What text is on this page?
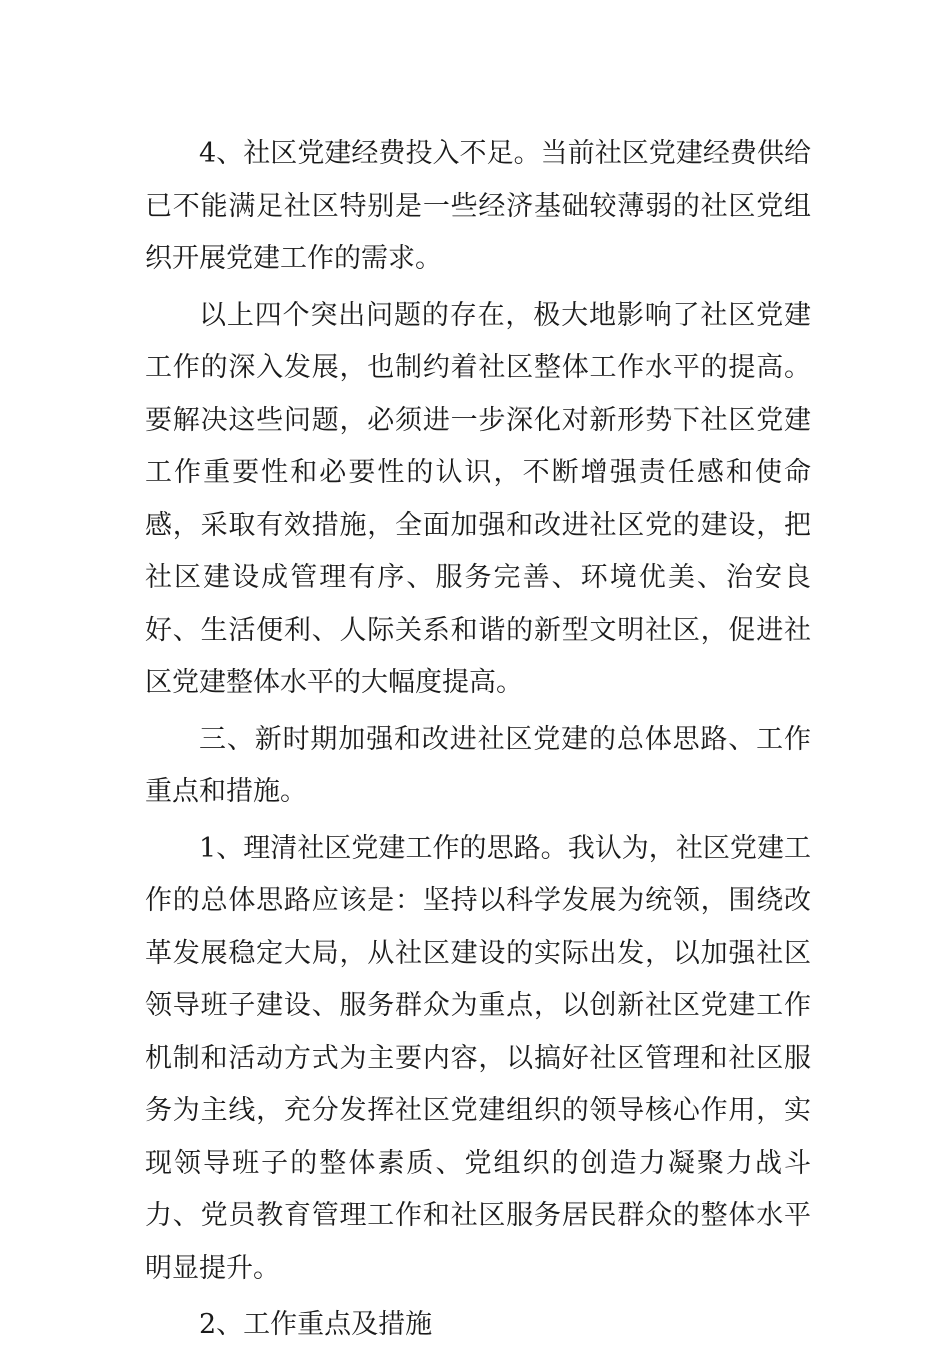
4、社区党建经费投入不足。当前社区党建经费供给已不能满足社区特别是一些经济基础较薄弱的社区党组织开展党建工作的需求。

以上四个突出问题的存在，极大地影响了社区党建工作的深入发展，也制约着社区整体工作水平的提高。要解决这些问题，必须进一步深化对新形势下社区党建工作重要性和必要性的认识，不断增强责任感和使命感，采取有效措施，全面加强和改进社区党的建设，把社区建设成管理有序、服务完善、环境优美、治安良好、生活便利、人际关系和谐的新型文明社区，促进社区党建整体水平的大幅度提高。

三、新时期加强和改进社区党建的总体思路、工作重点和措施。

1、理清社区党建工作的思路。我认为，社区党建工作的总体思路应该是：坚持以科学发展为统领，围绕改革发展稳定大局，从社区建设的实际出发，以加强社区领导班子建设、服务群众为重点，以创新社区党建工作机制和活动方式为主要内容，以搞好社区管理和社区服务为主线，充分发挥社区党建组织的领导核心作用，实现领导班子的整体素质、党组织的创造力凝聚力战斗力、党员教育管理工作和社区服务居民群众的整体水平明显提升。

2、工作重点及措施
